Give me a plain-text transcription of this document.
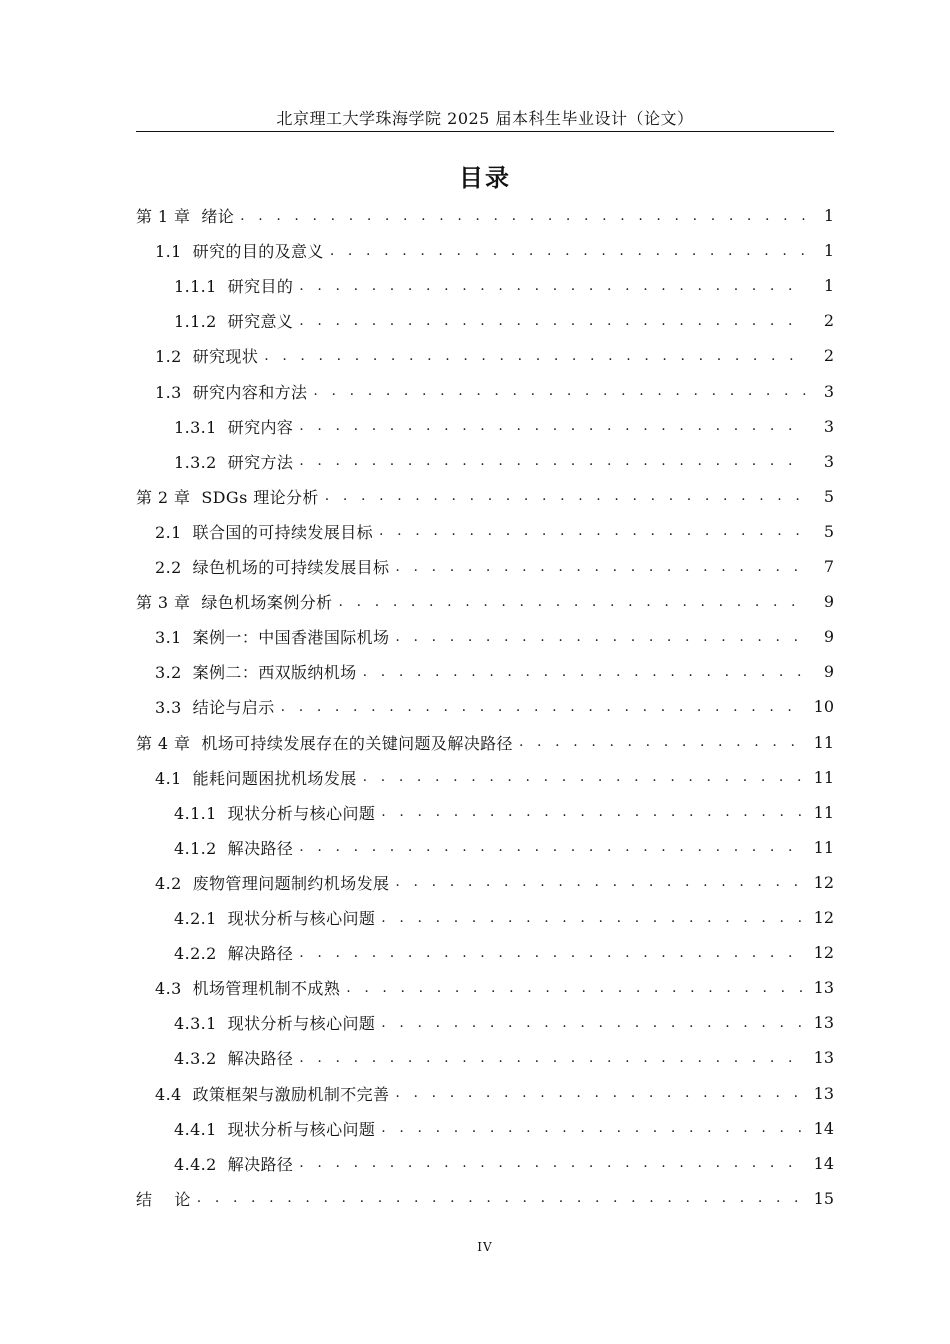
北京理工大学珠海学院 2025 届本科生毕业设计（论文）
目录
第 1 章  绪论 . . .	1
1.1  研究的目的及意义 . . .	1
1.1.1  研究目的 . . .	1
1.1.2  研究意义 . . .	2
1.2  研究现状 . . .	2
1.3  研究内容和方法 . . .	3
1.3.1  研究内容 . . .	3
1.3.2  研究方法 . . .	3
第 2 章  SDGs 理论分析 . . .	5
2.1  联合国的可持续发展目标 . . .	5
2.2  绿色机场的可持续发展目标 . . .	7
第 3 章  绿色机场案例分析 . . .	9
3.1  案例一：中国香港国际机场 . . .	9
3.2  案例二：西双版纳机场 . . .	9
3.3  结论与启示 . . .	10
第 4 章  机场可持续发展存在的关键问题及解决路径 . . .	11
4.1  能耗问题困扰机场发展 . . .	11
4.1.1  现状分析与核心问题 . . .	11
4.1.2  解决路径 . . .	11
4.2  废物管理问题制约机场发展 . . .	12
4.2.1  现状分析与核心问题 . . .	12
4.2.2  解决路径 . . .	12
4.3  机场管理机制不成熟 . . .	13
4.3.1  现状分析与核心问题 . . .	13
4.3.2  解决路径 . . .	13
4.4  政策框架与激励机制不完善 . . .	13
4.4.1  现状分析与核心问题 . . .	14
4.4.2  解决路径 . . .	14
结    论 . . .	15
IV
